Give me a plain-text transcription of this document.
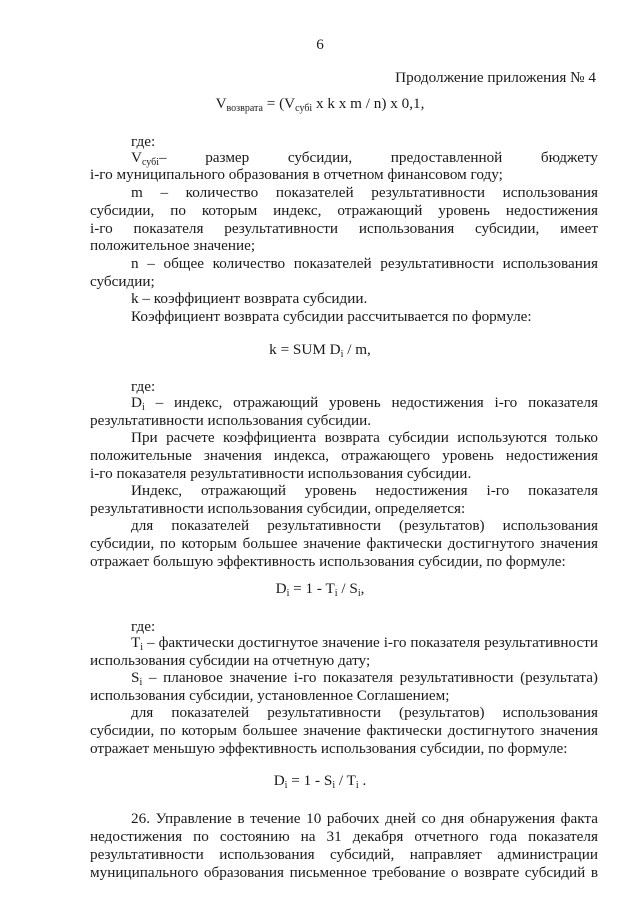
6
Продолжение приложения № 4
$V_{возврата} = (V_{субi}$ x k x m / n) x 0,1,
где:
$V_{субi}-$ размер субсидии, предоставленной бюджету
i-го муниципального образования в отчетном финансовом году;
m – количество показателей результативности использования
субсидии, по которым индекс, отражающий уровень недостижения
i-го показателя результативности использования субсидии, имеет
положительное значение;
n – общее количество показателей результативности использования
субсидии;
k – коэффициент возврата субсидии.
Коэффициент возврата субсидии рассчитывается по формуле:
k = SUM $D_i$ / m,
где:
$D_i$ – индекс, отражающий уровень недостижения i-го показателя
результативности использования субсидии.
При расчете коэффициента возврата субсидии используются только
положительные значения индекса, отражающего уровень недостижения
i-го показателя результативности использования субсидии.
Индекс, отражающий уровень недостижения i-го показателя
результативности использования субсидии, определяется:
для показателей результативности (результатов) использования
субсидии, по которым большее значение фактически достигнутого значения
отражает большую эффективность использования субсидии, по формуле:
$D_i = 1 - T_i / S_i$,
где:
$T_i$ – фактически достигнутое значение i-го показателя результативности
использования субсидии на отчетную дату;
$S_i$ – плановое значение i-го показателя результативности (результата)
использования субсидии, установленное Соглашением;
для показателей результативности (результатов) использования
субсидии, по которым большее значение фактически достигнутого значения
отражает меньшую эффективность использования субсидии, по формуле:
$D_i = 1 - S_i / T_i$ .
26. Управление в течение 10 рабочих дней со дня обнаружения факта
недостижения по состоянию на 31 декабря отчетного года показателя
результативности использования субсидий, направляет администрации
муниципального образования письменное требование о возврате субсидий в
